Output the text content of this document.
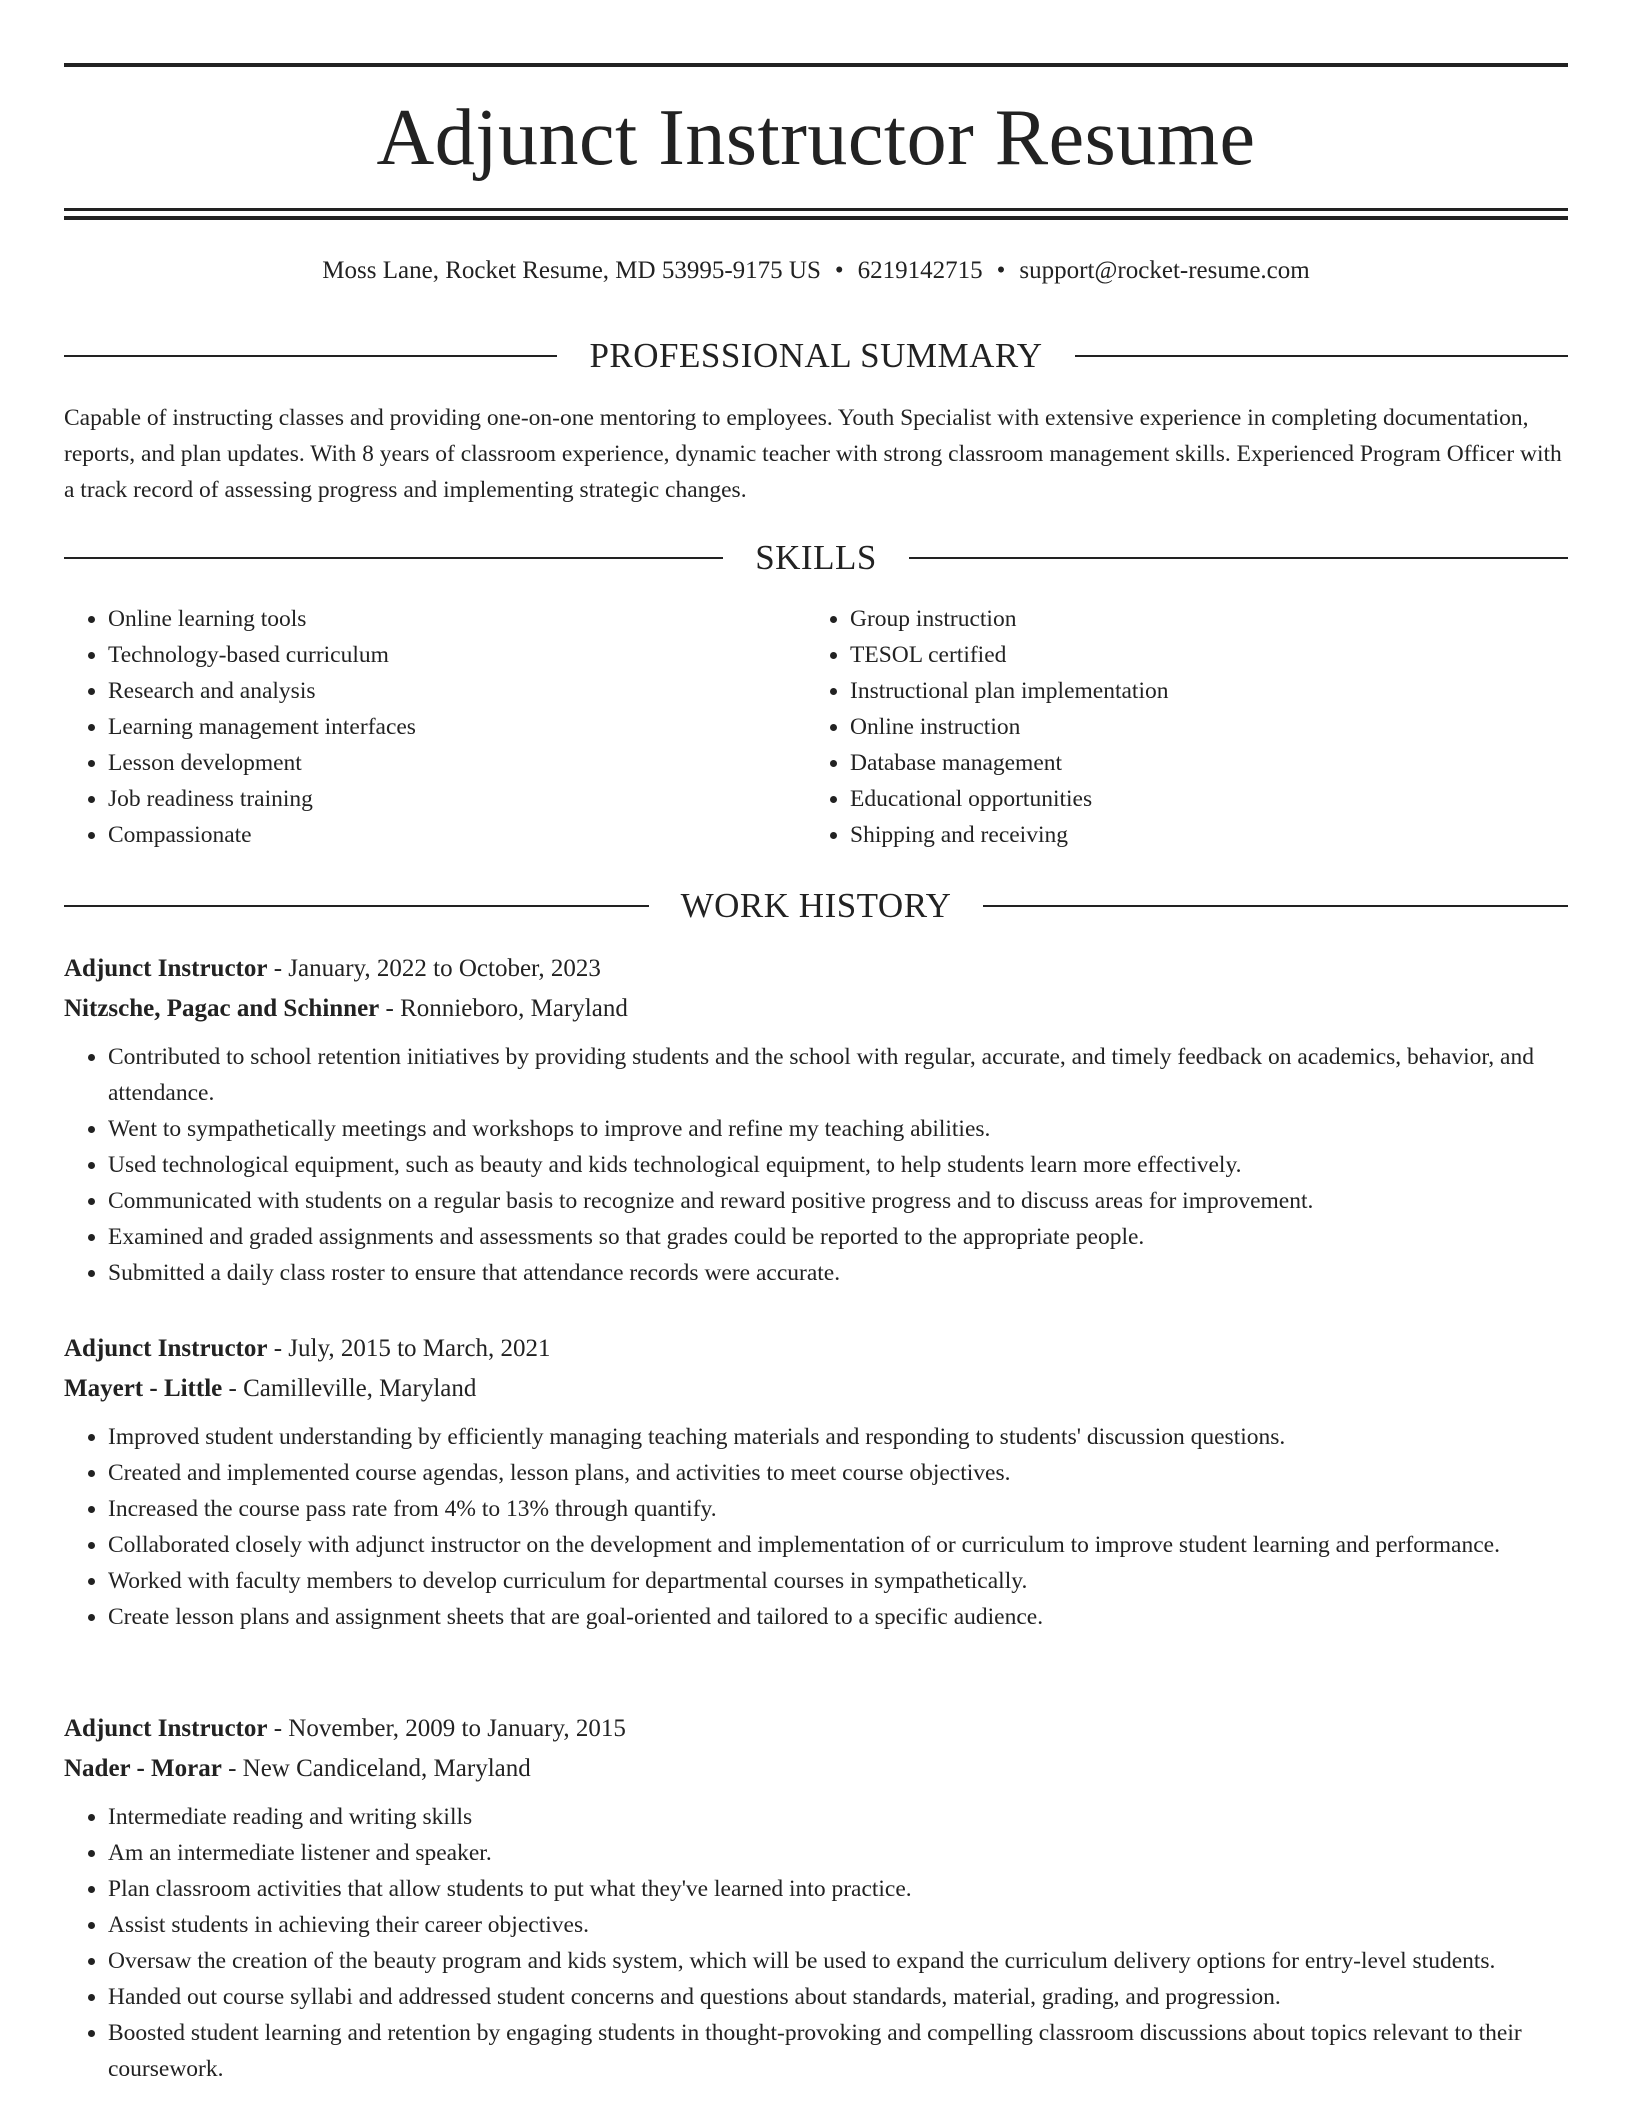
Adjunct Instructor Resume
Moss Lane, Rocket Resume, MD 53995-9175 US • 6219142715 • support@rocket-resume.com
PROFESSIONAL SUMMARY

Capable of instructing classes and providing one-on-one mentoring to employees. Youth Specialist with extensive experience in completing documentation, reports, and plan updates. With 8 years of classroom experience, dynamic teacher with strong classroom management skills. Experienced Program Officer with a track record of assessing progress and implementing strategic changes.

SKILLS
• Online learning tools
• Technology-based curriculum
• Research and analysis
• Learning management interfaces
• Lesson development
• Job readiness training
• Compassionate
• Group instruction
• TESOL certified
• Instructional plan implementation
• Online instruction
• Database management
• Educational opportunities
• Shipping and receiving
WORK HISTORY
Adjunct Instructor - January, 2022 to October, 2023
Nitzsche, Pagac and Schinner - Ronnieboro, Maryland
• Contributed to school retention initiatives by providing students and the school with regular, accurate, and timely feedback on academics, behavior, and attendance.
• Went to sympathetically meetings and workshops to improve and refine my teaching abilities.
• Used technological equipment, such as beauty and kids technological equipment, to help students learn more effectively.
• Communicated with students on a regular basis to recognize and reward positive progress and to discuss areas for improvement.
• Examined and graded assignments and assessments so that grades could be reported to the appropriate people.
• Submitted a daily class roster to ensure that attendance records were accurate.
Adjunct Instructor - July, 2015 to March, 2021
Mayert - Little - Camilleville, Maryland
• Improved student understanding by efficiently managing teaching materials and responding to students' discussion questions.
• Created and implemented course agendas, lesson plans, and activities to meet course objectives.
• Increased the course pass rate from 4% to 13% through quantify.
• Collaborated closely with adjunct instructor on the development and implementation of or curriculum to improve student learning and performance.
• Worked with faculty members to develop curriculum for departmental courses in sympathetically.
• Create lesson plans and assignment sheets that are goal-oriented and tailored to a specific audience.
Adjunct Instructor - November, 2009 to January, 2015
Nader - Morar - New Candiceland, Maryland
• Intermediate reading and writing skills
• Am an intermediate listener and speaker.
• Plan classroom activities that allow students to put what they've learned into practice.
• Assist students in achieving their career objectives.
• Oversaw the creation of the beauty program and kids system, which will be used to expand the curriculum delivery options for entry-level students.
• Handed out course syllabi and addressed student concerns and questions about standards, material, grading, and progression.
• Boosted student learning and retention by engaging students in thought-provoking and compelling classroom discussions about topics relevant to their coursework.
